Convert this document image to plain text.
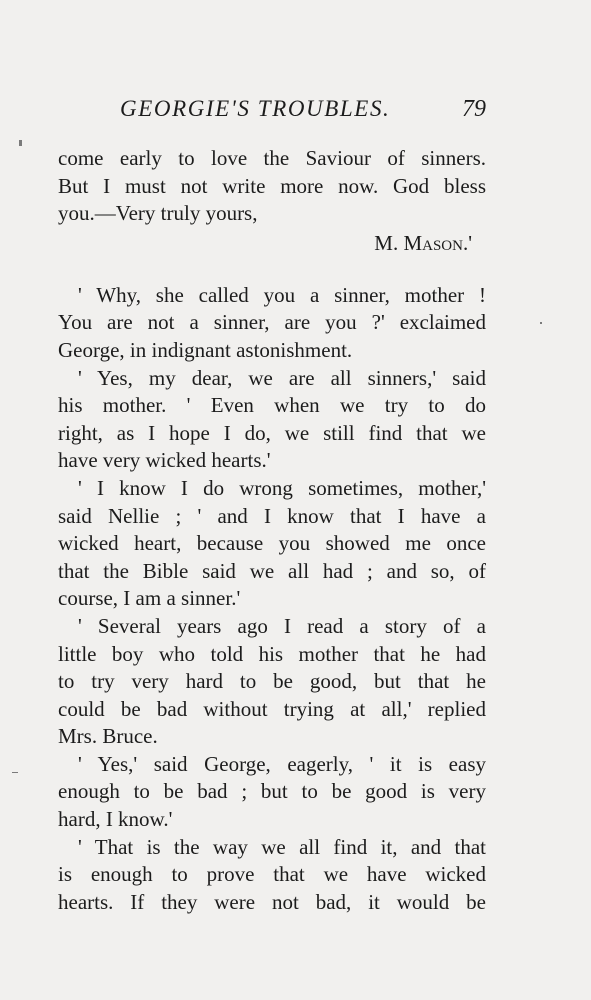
GEORGIE'S TROUBLES.	79
come early to love the Saviour of sinners.
But I must not write more now. God bless
you.—Very truly yours,
M. Mason.'
' Why, she called you a sinner, mother !
You are not a sinner, are you ?' exclaimed
George, in indignant astonishment.
' Yes, my dear, we are all sinners,' said
his mother. ' Even when we try to do
right, as I hope I do, we still find that we
have very wicked hearts.'
' I know I do wrong sometimes, mother,'
said Nellie ; ' and I know that I have a
wicked heart, because you showed me once
that the Bible said we all had ; and so, of
course, I am a sinner.'
' Several years ago I read a story of a
little boy who told his mother that he had
to try very hard to be good, but that he
could be bad without trying at all,' replied
Mrs. Bruce.
' Yes,' said George, eagerly, ' it is easy
enough to be bad ; but to be good is very
hard, I know.'
' That is the way we all find it, and that
is enough to prove that we have wicked
hearts. If they were not bad, it would be
